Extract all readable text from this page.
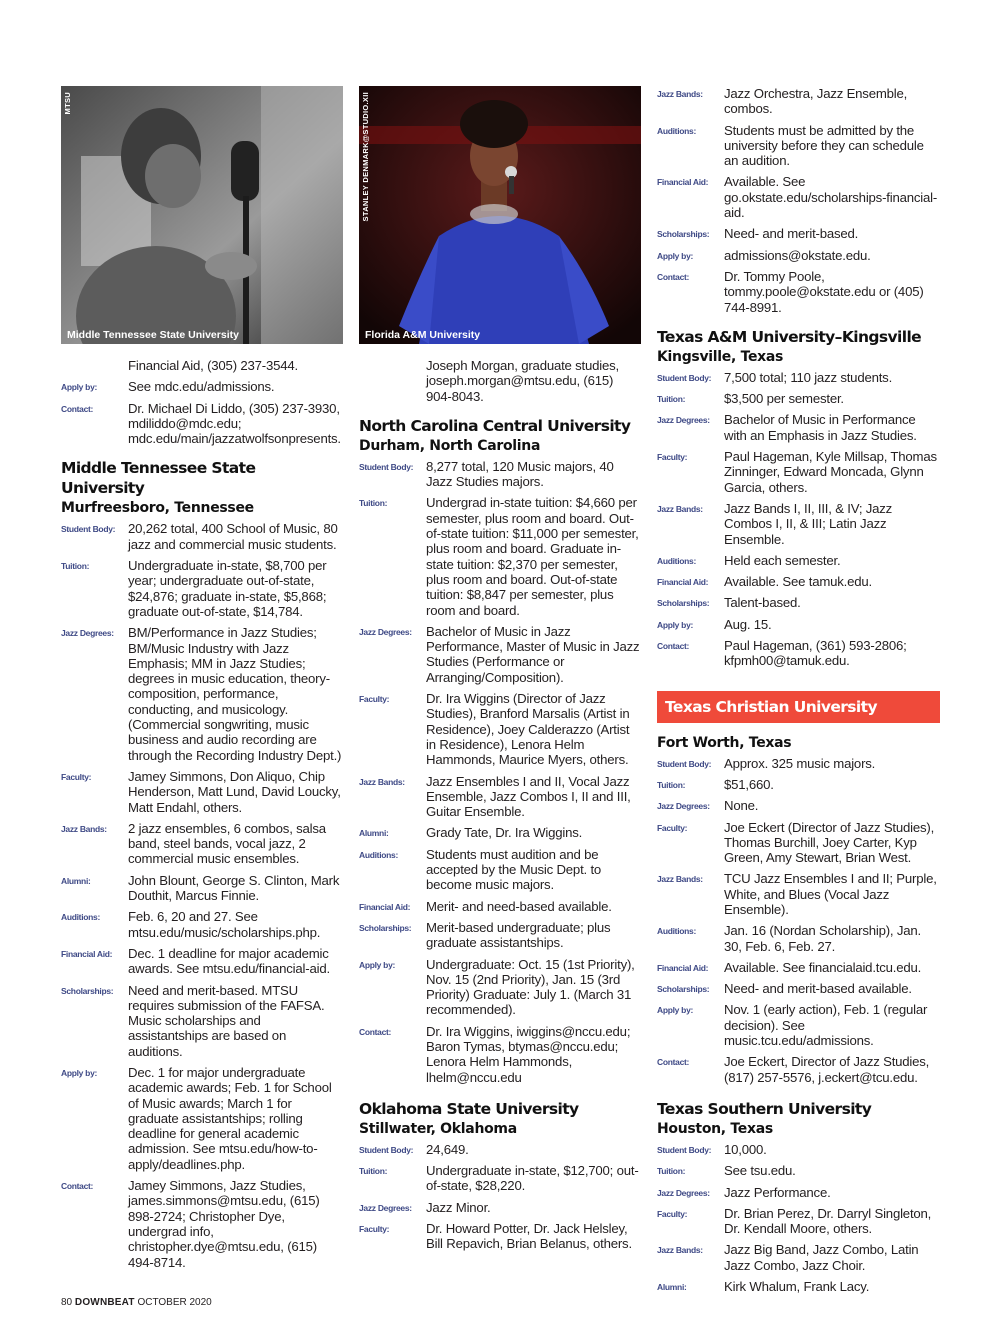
MTSU
Middle Tennessee State University
Financial Aid, (305) 237-3544.
Apply by:	See mdc.edu/admissions.
Contact:	Dr. Michael Di Liddo, (305) 237-3930, mdiliddo@mdc.edu; mdc.edu/main/jazzatwolfsonpresents.
Middle Tennessee State University
Murfreesboro, Tennessee
Student Body: 20,262 total, 400 School of Music, 80 jazz and commercial music students.
Tuition:	Undergraduate in-state, $8,700 per year; undergraduate out-of-state, $24,876; graduate in-state, $5,868; graduate out-of-state, $14,784.
Jazz Degrees:	BM/Performance in Jazz Studies; BM/Music Industry with Jazz Emphasis; MM in Jazz Studies; degrees in music education, theory-composition, performance, conducting, and musicology. (Commercial songwriting, music business and audio recording are through the Recording Industry Dept.)
Faculty:	Jamey Simmons, Don Aliquo, Chip Henderson, Matt Lund, David Loucky, Matt Endahl, others.
Jazz Bands:	2 jazz ensembles, 6 combos, salsa band, steel bands, vocal jazz, 2 commercial music ensembles.
Alumni:	John Blount, George S. Clinton, Mark Douthit, Marcus Finnie.
Auditions:	Feb. 6, 20 and 27. See mtsu.edu/music/scholarships.php.
Financial Aid:	Dec. 1 deadline for major academic awards. See mtsu.edu/financial-aid.
Scholarships:	Need and merit-based. MTSU requires submission of the FAFSA. Music scholarships and assistantships are based on auditions.
Apply by:	Dec. 1 for major undergraduate academic awards; Feb. 1 for School of Music awards; March 1 for graduate assistantships; rolling deadline for general academic admission. See mtsu.edu/how-to-apply/deadlines.php.
Contact:	Jamey Simmons, Jazz Studies, james.simmons@mtsu.edu, (615) 898-2724; Christopher Dye, undergrad info, christopher.dye@mtsu.edu, (615) 494-8714.
STANLEY DENMARK@STUDIO.XII
Florida A&M University
Joseph Morgan, graduate studies, joseph.morgan@mtsu.edu, (615) 904-8043.
North Carolina Central University
Durham, North Carolina
Student Body: 8,277 total, 120 Music majors, 40 Jazz Studies majors.
Tuition:	Undergrad in-state tuition: $4,660 per semester, plus room and board. Out-of-state tuition: $11,000 per semester, plus room and board. Graduate in-state tuition: $2,370 per semester, plus room and board. Out-of-state tuition: $8,847 per semester, plus room and board.
Jazz Degrees:	Bachelor of Music in Jazz Performance, Master of Music in Jazz Studies (Performance or Arranging/Composition).
Faculty:	Dr. Ira Wiggins (Director of Jazz Studies), Branford Marsalis (Artist in Residence), Joey Calderazzo (Artist in Residence), Lenora Helm Hammonds, Maurice Myers, others.
Jazz Bands:	Jazz Ensembles I and II, Vocal Jazz Ensemble, Jazz Combos I, II and III, Guitar Ensemble.
Alumni:	Grady Tate, Dr. Ira Wiggins.
Auditions:	Students must audition and be accepted by the Music Dept. to become music majors.
Financial Aid:	Merit- and need-based available.
Scholarships:	Merit-based undergraduate; plus graduate assistantships.
Apply by:	Undergraduate: Oct. 15 (1st Priority), Nov. 15 (2nd Priority), Jan. 15 (3rd Priority) Graduate: July 1. (March 31 recommended).
Contact:	Dr. Ira Wiggins, iwiggins@nccu.edu; Baron Tymas, btymas@nccu.edu; Lenora Helm Hammonds, lhelm@nccu.edu
Oklahoma State University
Stillwater, Oklahoma
Student Body: 24,649.
Tuition:	Undergraduate in-state, $12,700; out-of-state, $28,220.
Jazz Degrees:	Jazz Minor.
Faculty:	Dr. Howard Potter, Dr. Jack Helsley, Bill Repavich, Brian Belanus, others.
Jazz Bands:	Jazz Orchestra, Jazz Ensemble, combos.
Auditions:	Students must be admitted by the university before they can schedule an audition.
Financial Aid:	Available. See go.okstate.edu/scholarships-financial-aid.
Scholarships:	Need- and merit-based.
Apply by:	admissions@okstate.edu.
Contact:	Dr. Tommy Poole, tommy.poole@okstate.edu or (405) 744-8991.
Texas A&M University–Kingsville
Kingsville, Texas
Student Body: 7,500 total; 110 jazz students.
Tuition:	$3,500 per semester.
Jazz Degrees:	Bachelor of Music in Performance with an Emphasis in Jazz Studies.
Faculty:	Paul Hageman, Kyle Millsap, Thomas Zinninger, Edward Moncada, Glynn Garcia, others.
Jazz Bands:	Jazz Bands I, II, III, & IV; Jazz Combos I, II, & III; Latin Jazz Ensemble.
Auditions:	Held each semester.
Financial Aid:	Available. See tamuk.edu.
Scholarships:	Talent-based.
Apply by:	Aug. 15.
Contact:	Paul Hageman, (361) 593-2806; kfpmh00@tamuk.edu.
Texas Christian University
Fort Worth, Texas
Student Body: Approx. 325 music majors.
Tuition:	$51,660.
Jazz Degrees:	None.
Faculty:	Joe Eckert (Director of Jazz Studies), Thomas Burchill, Joey Carter, Kyp Green, Amy Stewart, Brian West.
Jazz Bands:	TCU Jazz Ensembles I and II; Purple, White, and Blues (Vocal Jazz Ensemble).
Auditions:	Jan. 16 (Nordan Scholarship), Jan. 30, Feb. 6, Feb. 27.
Financial Aid:	Available. See financialaid.tcu.edu.
Scholarships:	Need- and merit-based available.
Apply by:	Nov. 1 (early action), Feb. 1 (regular decision). See music.tcu.edu/admissions.
Contact:	Joe Eckert, Director of Jazz Studies, (817) 257-5576, j.eckert@tcu.edu.
Texas Southern University
Houston, Texas
Student Body: 10,000.
Tuition:	See tsu.edu.
Jazz Degrees:	Jazz Performance.
Faculty:	Dr. Brian Perez, Dr. Darryl Singleton, Dr. Kendall Moore, others.
Jazz Bands:	Jazz Big Band, Jazz Combo, Latin Jazz Combo, Jazz Choir.
Alumni:	Kirk Whalum, Frank Lacy.
80 DOWNBEAT OCTOBER 2020
